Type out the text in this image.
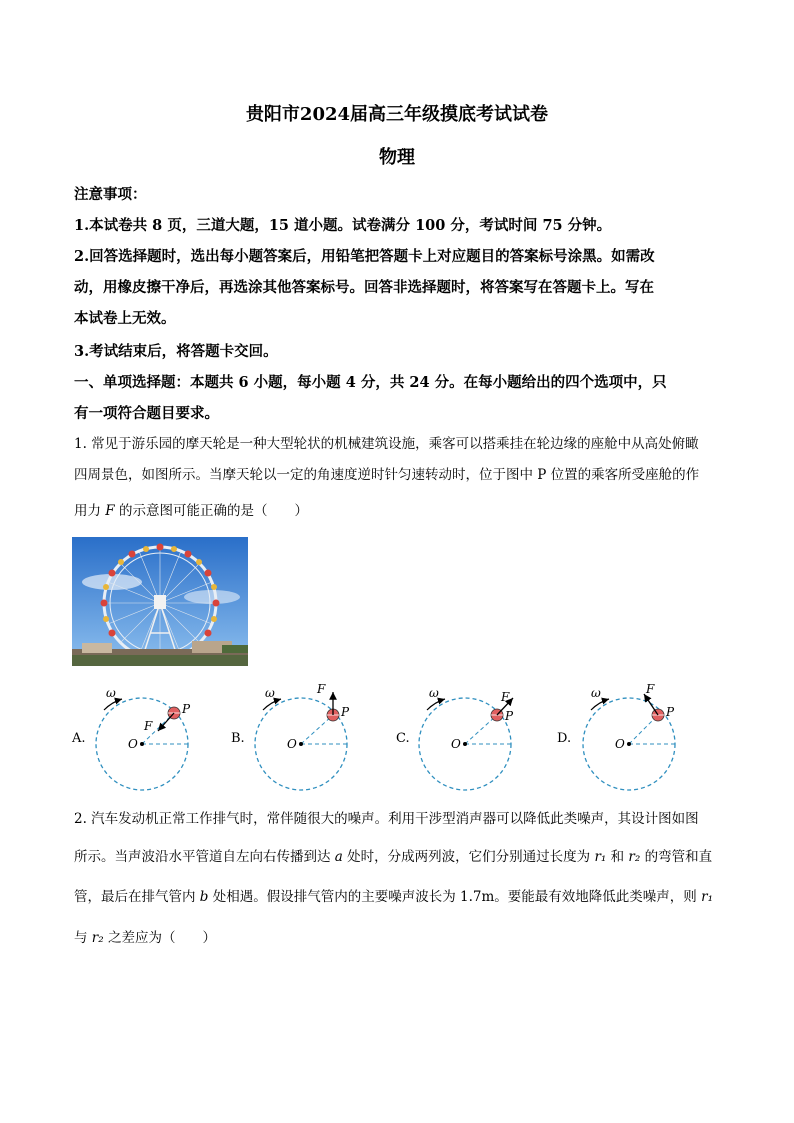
贵阳市2024届高三年级摸底考试试卷
物理
注意事项：
1.本试卷共 8 页，三道大题，15 道小题。试卷满分 100 分，考试时间 75 分钟。
2.回答选择题时，选出每小题答案后，用铅笔把答题卡上对应题目的答案标号涂黑。如需改
动，用橡皮擦干净后，再选涂其他答案标号。回答非选择题时，将答案写在答题卡上。写在
本试卷上无效。
3.考试结束后，将答题卡交回。
一、单项选择题：本题共 6 小题，每小题 4 分，共 24 分。在每小题给出的四个选项中，只
有一项符合题目要求。
1. 常见于游乐园的摩天轮是一种大型轮状的机械建筑设施，乘客可以搭乘挂在轮边缘的座舱中从高处俯瞰
四周景色，如图所示。当摩天轮以一定的角速度逆时针匀速转动时，位于图中 P 位置的乘客所受座舱的作
用力 F 的示意图可能正确的是（　　）
A.
ω
P
O
F
B.
ω
P
O
F
C.
ω
P
O
F
D.
ω
P
O
F
2. 汽车发动机正常工作排气时，常伴随很大的噪声。利用干涉型消声器可以降低此类噪声，其设计图如图
所示。当声波沿水平管道自左向右传播到达 a 处时，分成两列波，它们分别通过长度为 r₁ 和 r₂ 的弯管和直
管，最后在排气管内 b 处相遇。假设排气管内的主要噪声波长为 1.7m。要能最有效地降低此类噪声，则 r₁
与 r₂ 之差应为（　　）
